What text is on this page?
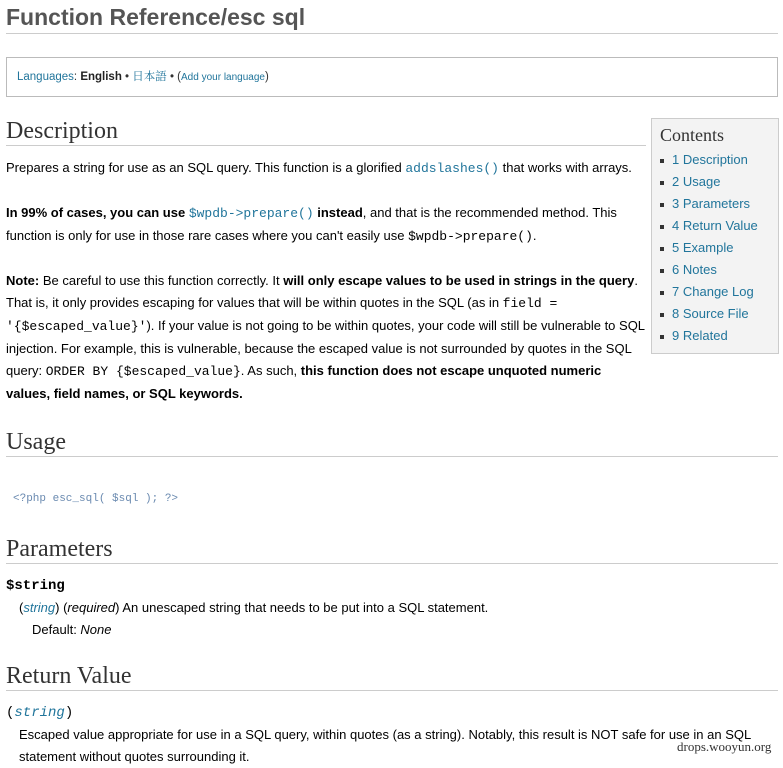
Function Reference/esc sql
Languages: English • 日本語 • (Add your language)
Description

Prepares a string for use as an SQL query. This function is a glorified addslashes() that works with arrays.

In 99% of cases, you can use $wpdb->prepare() instead, and that is the recommended method. This function is only for use in those rare cases where you can't easily use $wpdb->prepare().

Note: Be careful to use this function correctly. It will only escape values to be used in strings in the query. That is, it only provides escaping for values that will be within quotes in the SQL (as in field = '{$escaped_value}'). If your value is not going to be within quotes, your code will still be vulnerable to SQL injection. For example, this is vulnerable, because the escaped value is not surrounded by quotes in the SQL query: ORDER BY {$escaped_value}. As such, this function does not escape unquoted numeric values, field names, or SQL keywords.

Usage
<?php esc_sql( $sql ); ?>
Parameters

$string

(string) (required) An unescaped string that needs to be put into a SQL statement.

Default: None

Return Value

(string)

Escaped value appropriate for use in a SQL query, within quotes (as a string). Notably, this result is NOT safe for use in an SQL statement without quotes surrounding it.

Contents
1 Description
2 Usage
3 Parameters
4 Return Value
5 Example
6 Notes
7 Change Log
8 Source File
9 Related
drops.wooyun.org
